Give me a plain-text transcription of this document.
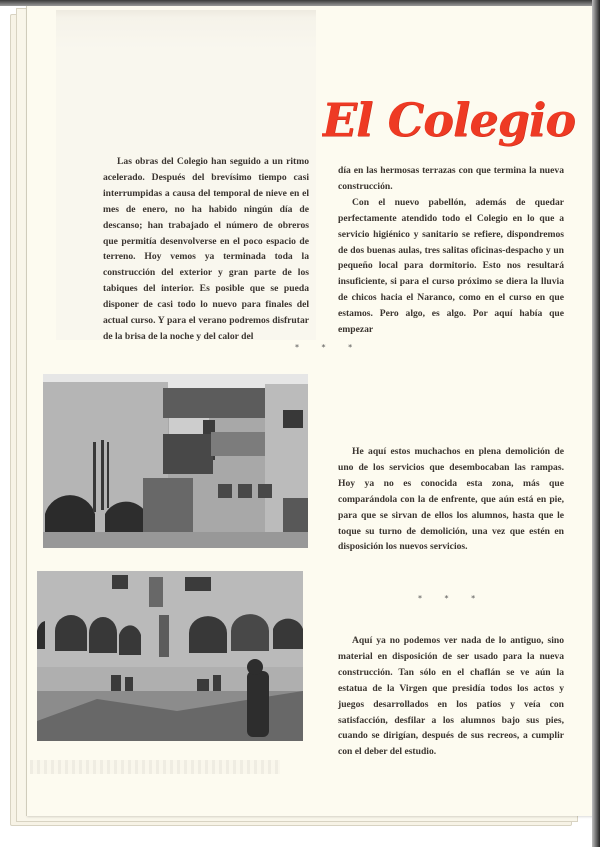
El Colegio

Las obras del Colegio han seguido a un ritmo acelerado. Después del brevísimo tiempo casi interrumpidas a causa del temporal de nieve en el mes de enero, no ha habido ningún día de descanso; han trabajado el número de obreros que permitía desenvolverse en el poco espacio de terreno. Hoy vemos ya terminada toda la construcción del exterior y gran parte de los tabiques del interior. Es posible que se pueda disponer de casi todo lo nuevo para finales del actual curso. Y para el verano podremos disfrutar de la brisa de la noche y del calor del

día en las hermosas terrazas con que termina la nueva construcción.

Con el nuevo pabellón, además de quedar perfectamente atendido todo el Colegio en lo que a servicio higiénico y sanitario se refiere, dispondremos de dos buenas aulas, tres salitas oficinas-despacho y un pequeño local para dormitorio. Esto nos resultará insuficiente, si para el curso próximo se diera la lluvia de chicos hacia el Naranco, como en el curso en que estamos. Pero algo, es algo. Por aquí había que empezar

* * *

He aquí estos muchachos en plena demolición de uno de los servicios que desembocaban las rampas. Hoy ya no es conocida esta zona, más que comparándola con la de enfrente, que aún está en pie, para que se sirvan de ellos los alumnos, hasta que le toque su turno de demolición, una vez que estén en disposición los nuevos servicios.

* * *

Aquí ya no podemos ver nada de lo antiguo, sino material en disposición de ser usado para la nueva construcción. Tan sólo en el chaflán se ve aún la estatua de la Virgen que presidía todos los actos y juegos desarrollados en los patios y veía con satisfacción, desfilar a los alumnos bajo sus pies, cuando se dirigían, después de sus recreos, a cumplir con el deber del estudio.
